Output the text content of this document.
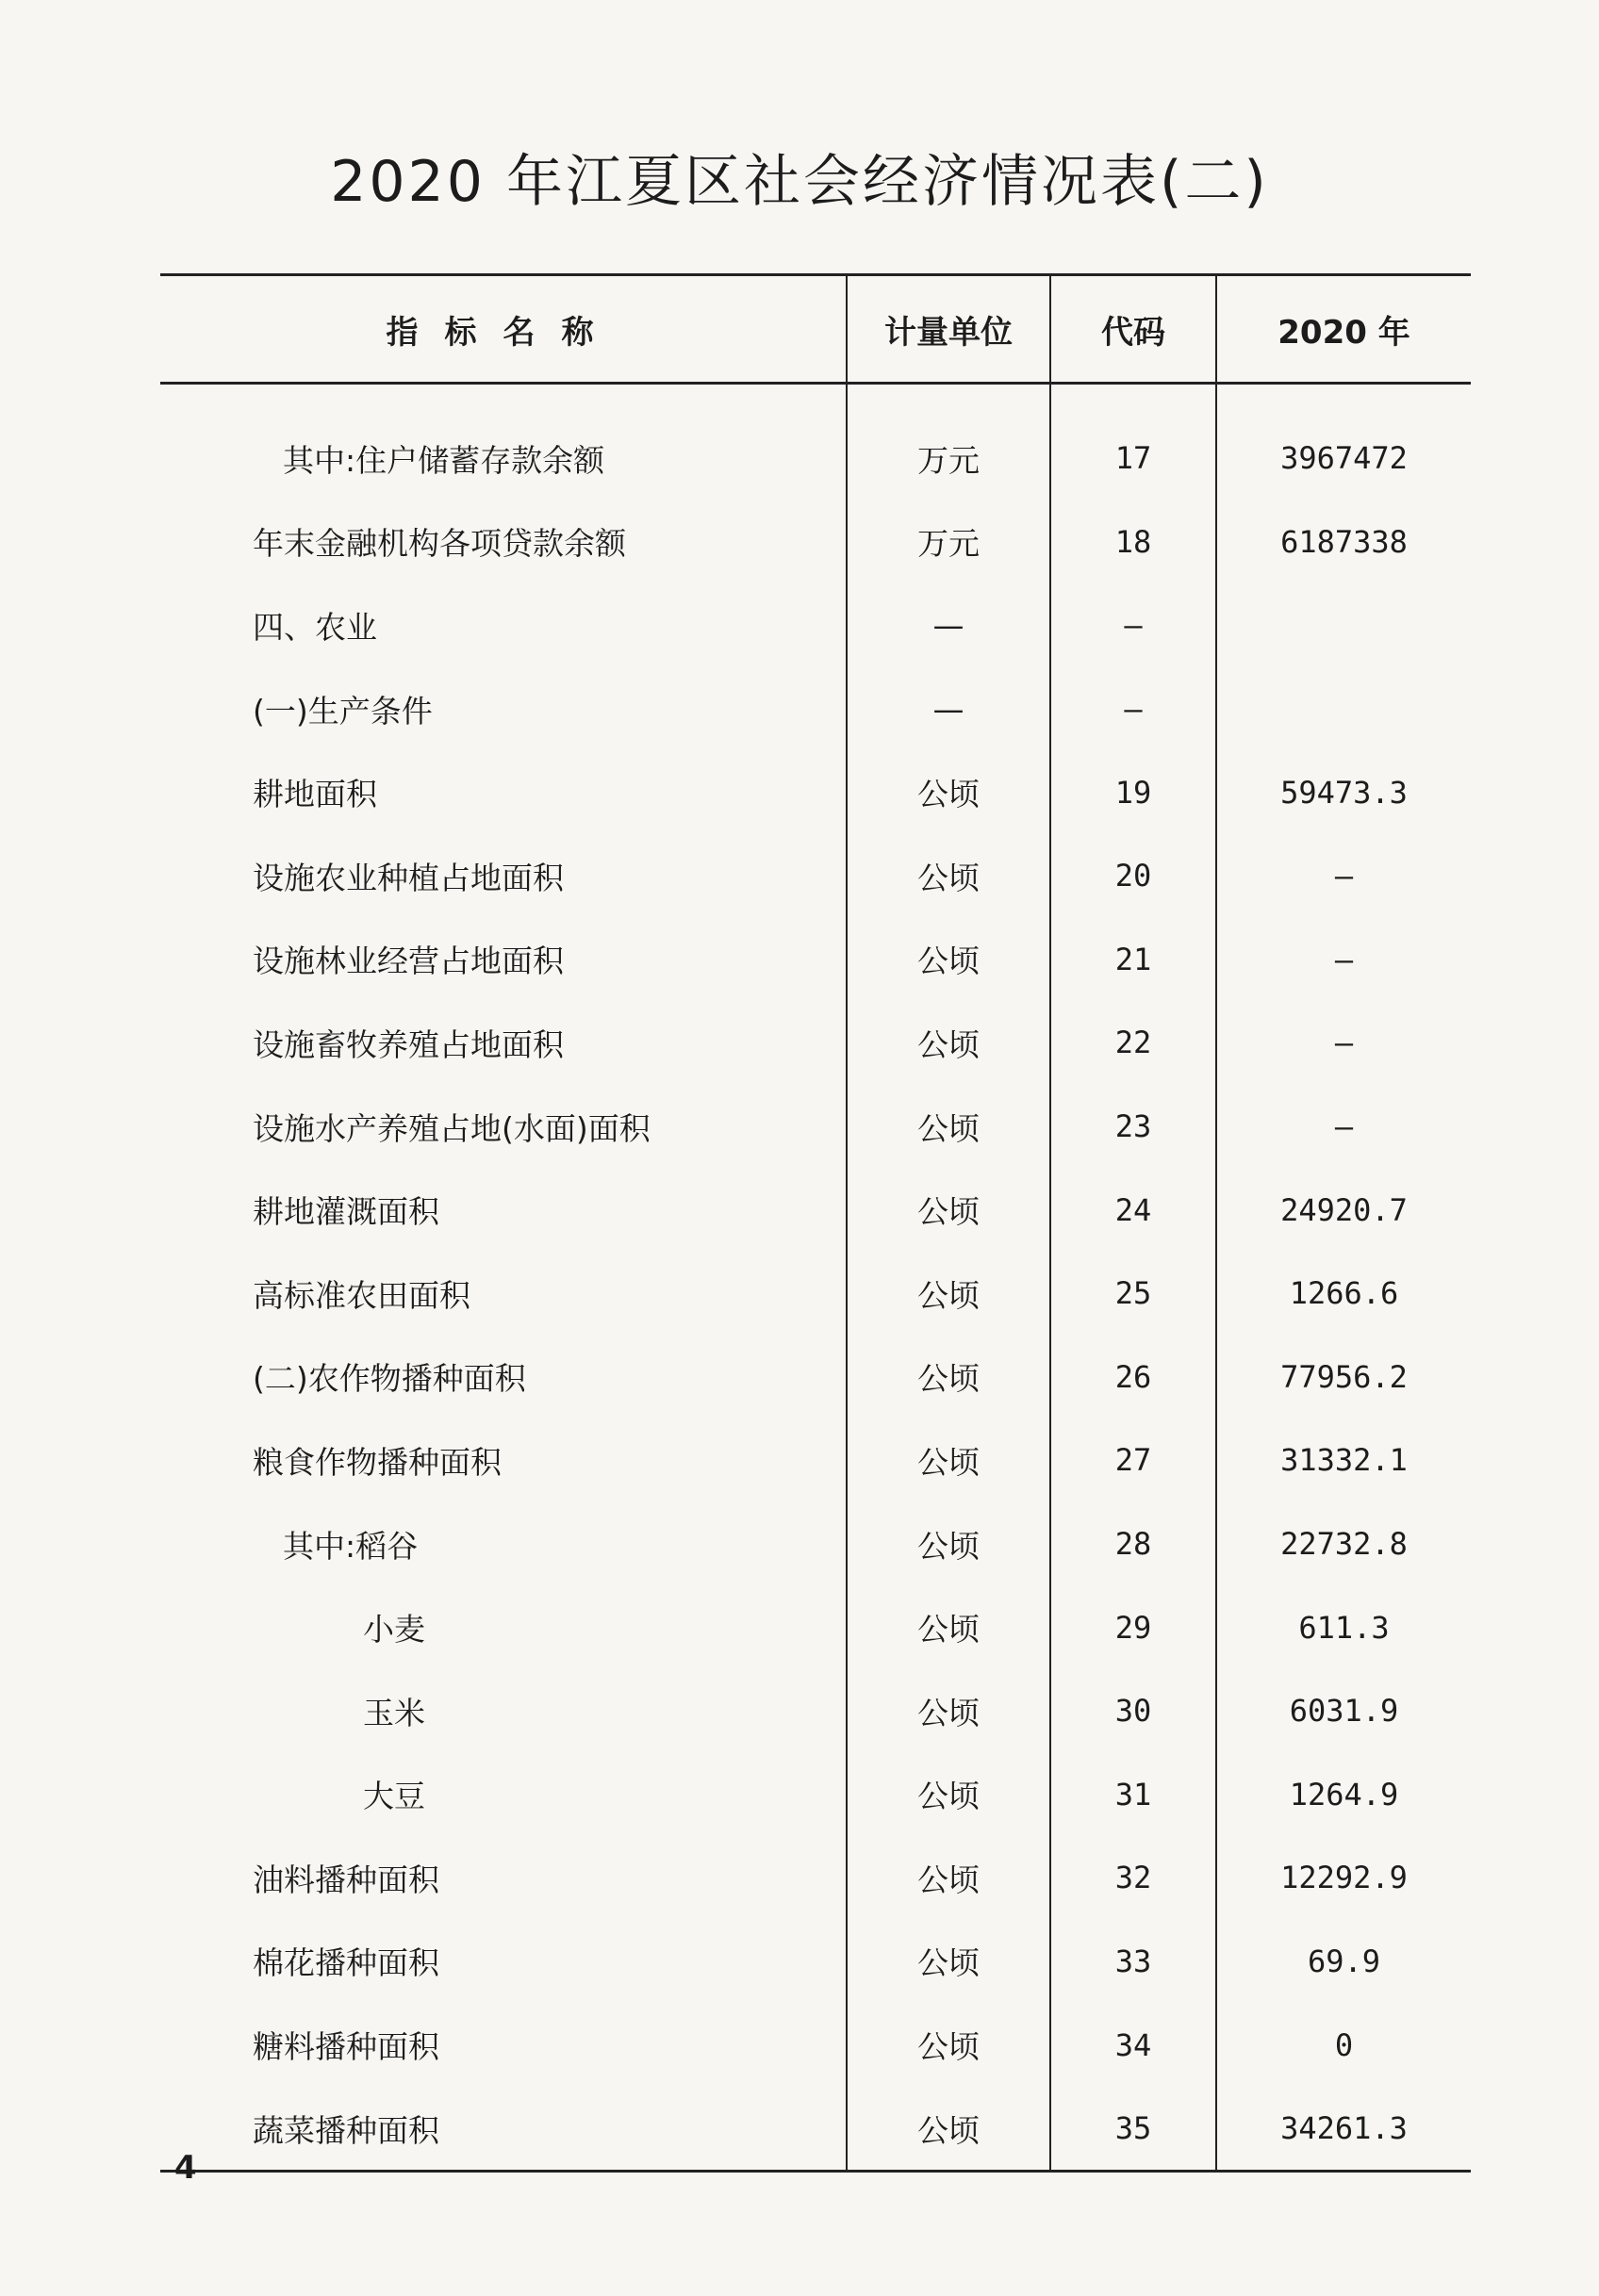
2020 年江夏区社会经济情况表(二)
指标名称	计量单位	代码	2020 年

其中:住户储蓄存款余额	万元	17	3967472
年末金融机构各项贷款余额	万元	18	6187338
四、农业	—	—	
(一)生产条件	—	—	
耕地面积	公顷	19	59473.3
设施农业种植占地面积	公顷	20	—
设施林业经营占地面积	公顷	21	—
设施畜牧养殖占地面积	公顷	22	—
设施水产养殖占地(水面)面积	公顷	23	—
耕地灌溉面积	公顷	24	24920.7
高标准农田面积	公顷	25	1266.6
(二)农作物播种面积	公顷	26	77956.2
粮食作物播种面积	公顷	27	31332.1
其中:稻谷	公顷	28	22732.8
小麦	公顷	29	611.3
玉米	公顷	30	6031.9
大豆	公顷	31	1264.9
油料播种面积	公顷	32	12292.9
棉花播种面积	公顷	33	69.9
糖料播种面积	公顷	34	0
蔬菜播种面积	公顷	35	34261.3
4
